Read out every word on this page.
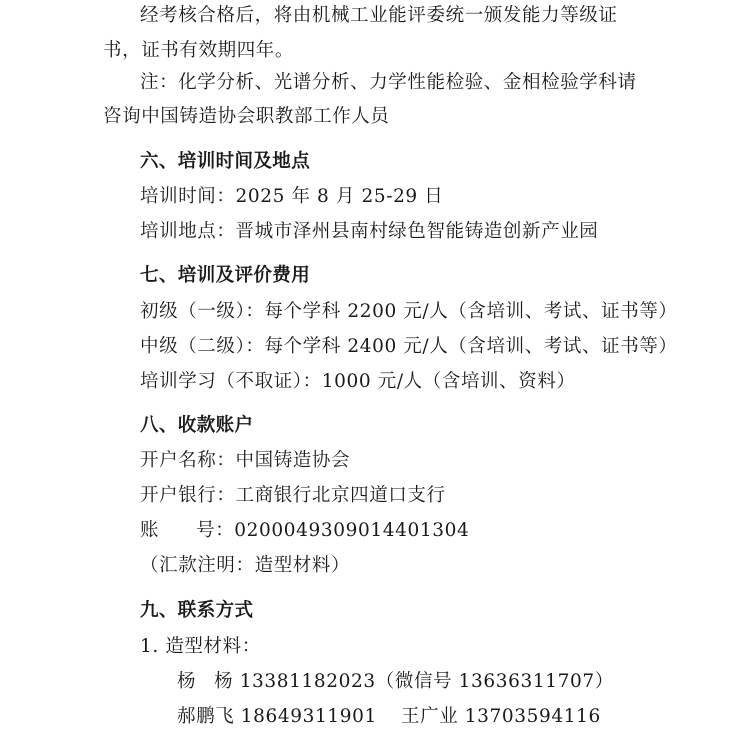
经考核合格后，将由机械工业能评委统一颁发能力等级证
书，证书有效期四年。
注：化学分析、光谱分析、力学性能检验、金相检验学科请
咨询中国铸造协会职教部工作人员
六、培训时间及地点
培训时间：2025 年 8 月 25-29 日
培训地点：晋城市泽州县南村绿色智能铸造创新产业园
七、培训及评价费用
初级（一级）：每个学科 2200 元/人（含培训、考试、证书等）
中级（二级）：每个学科 2400 元/人（含培训、考试、证书等）
培训学习（不取证）：1000 元/人（含培训、资料）
八、收款账户
开户名称：中国铸造协会
开户银行：工商银行北京四道口支行
账 号：0200049309014401304
（汇款注明：造型材料）
九、联系方式
1. 造型材料：
杨 杨 13381182023（微信号 13636311707）
郝鹏飞 18649311901 王广业 13703594116
